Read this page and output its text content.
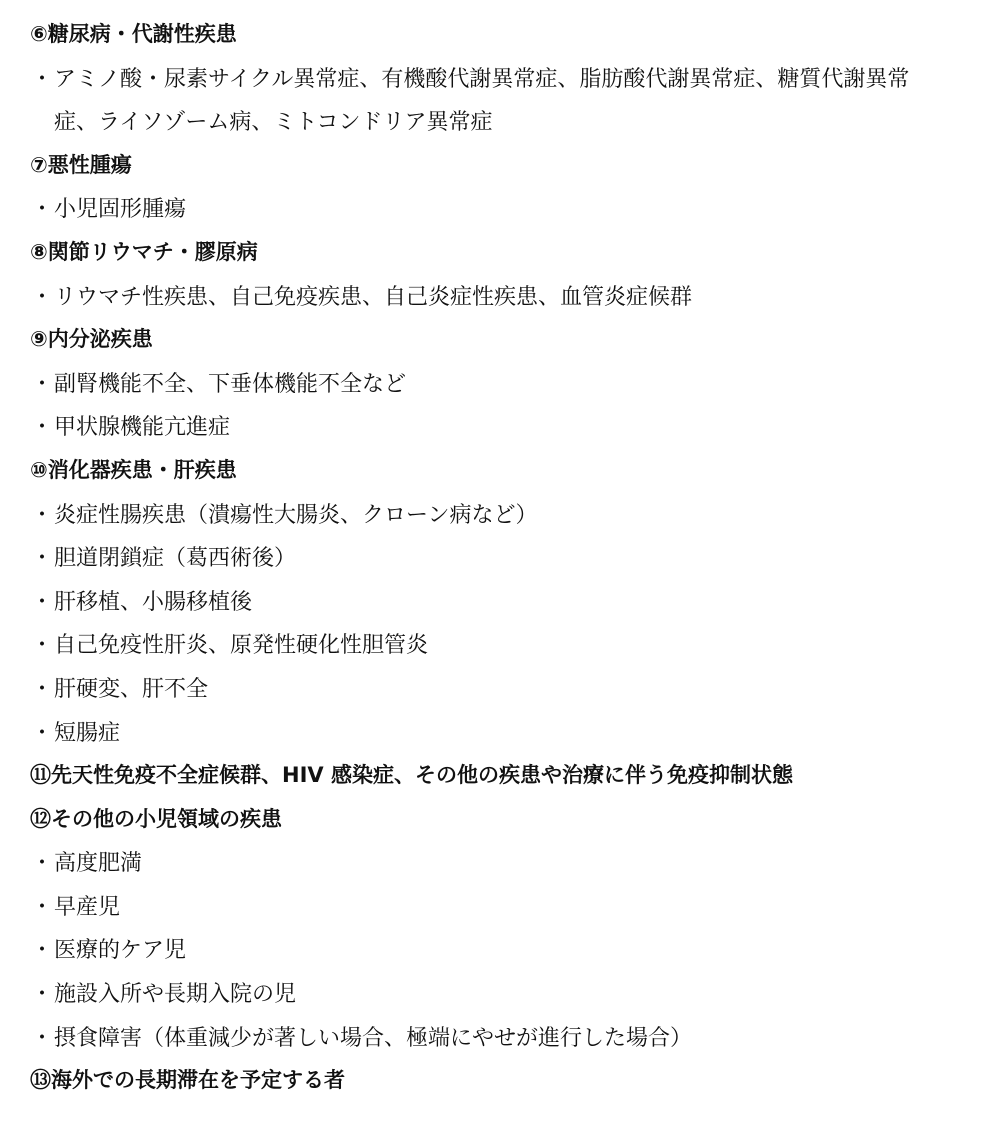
⑥糖尿病・代謝性疾患
・ アミノ酸・尿素サイクル異常症、有機酸代謝異常症、脂肪酸代謝異常症、糖質代謝異常症、ライソゾーム病、ミトコンドリア異常症
⑦悪性腫瘍
・ 小児固形腫瘍
⑧関節リウマチ・膠原病
・ リウマチ性疾患、自己免疫疾患、自己炎症性疾患、血管炎症候群
⑨内分泌疾患
・ 副腎機能不全、下垂体機能不全など
・ 甲状腺機能亢進症
⑩消化器疾患・肝疾患
・ 炎症性腸疾患（潰瘍性大腸炎、クローン病など）
・ 胆道閉鎖症（葛西術後）
・ 肝移植、小腸移植後
・ 自己免疫性肝炎、原発性硬化性胆管炎
・ 肝硬変、肝不全
・ 短腸症
⑪先天性免疫不全症候群、HIV 感染症、その他の疾患や治療に伴う免疫抑制状態
⑫その他の小児領域の疾患
・ 高度肥満
・ 早産児
・ 医療的ケア児
・ 施設入所や長期入院の児
・ 摂食障害（体重減少が著しい場合、極端にやせが進行した場合）
⑬海外での長期滞在を予定する者
